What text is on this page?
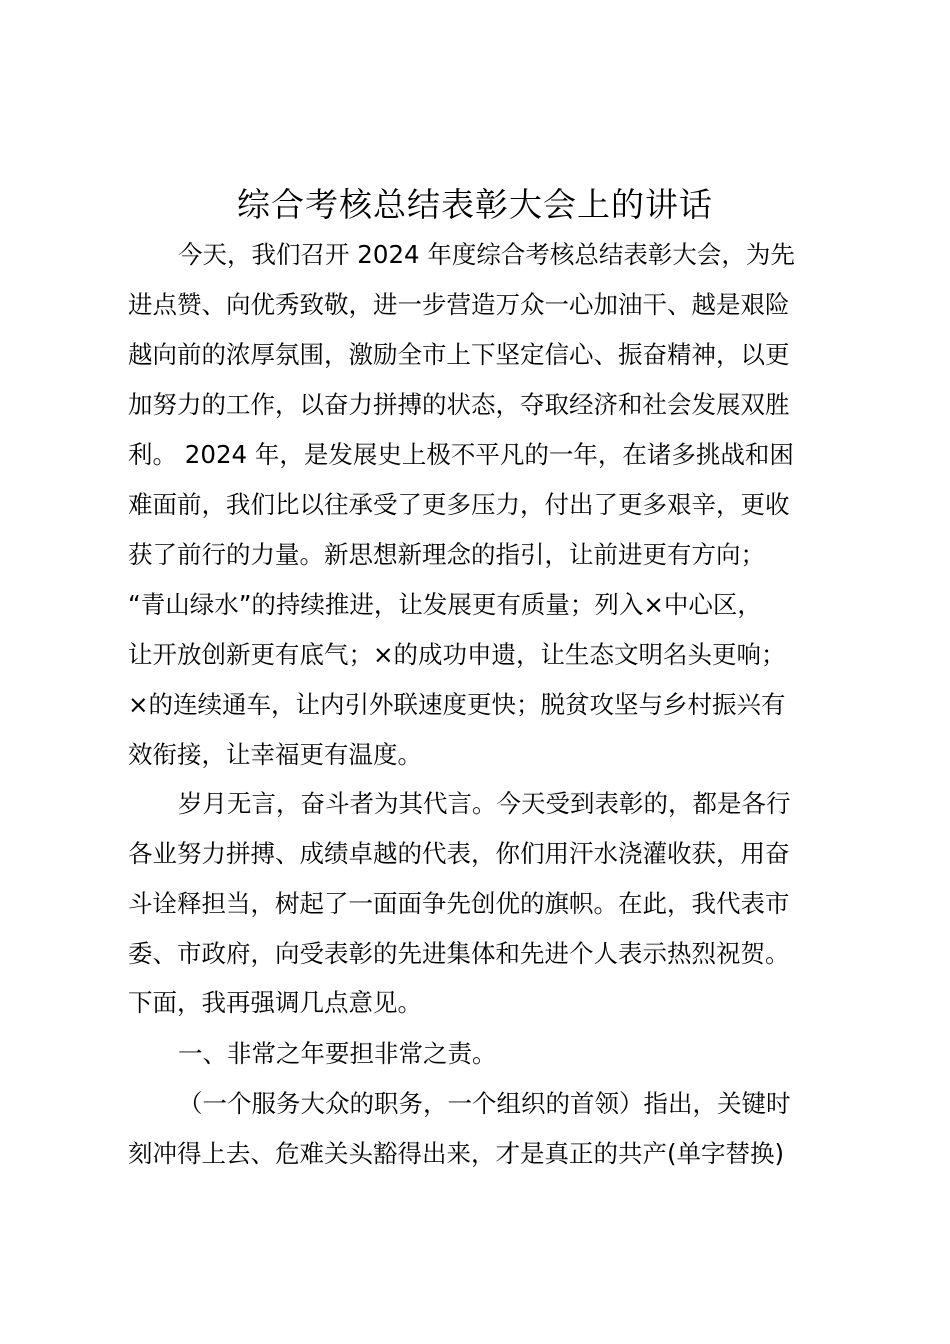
综合考核总结表彰大会上的讲话
今天，我们召开 2024 年度综合考核总结表彰大会，为先
进点赞、向优秀致敬，进一步营造万众一心加油干、越是艰险
越向前的浓厚氛围，激励全市上下坚定信心、振奋精神，以更
加努力的工作，以奋力拼搏的状态，夺取经济和社会发展双胜
利。 2024 年，是发展史上极不平凡的一年，在诸多挑战和困
难面前，我们比以往承受了更多压力，付出了更多艰辛，更收
获了前行的力量。新思想新理念的指引，让前进更有方向；
“青山绿水”的持续推进，让发展更有质量；列入×中心区，
让开放创新更有底气；×的成功申遗，让生态文明名头更响；
×的连续通车，让内引外联速度更快；脱贫攻坚与乡村振兴有
效衔接，让幸福更有温度。
岁月无言，奋斗者为其代言。今天受到表彰的，都是各行
各业努力拼搏、成绩卓越的代表，你们用汗水浇灌收获，用奋
斗诠释担当，树起了一面面争先创优的旗帜。在此，我代表市
委、市政府，向受表彰的先进集体和先进个人表示热烈祝贺。
下面，我再强调几点意见。
一、非常之年要担非常之责。
（一个服务大众的职务，一个组织的首领）指出，关键时
刻冲得上去、危难关头豁得出来，才是真正的共产(单字替换)
